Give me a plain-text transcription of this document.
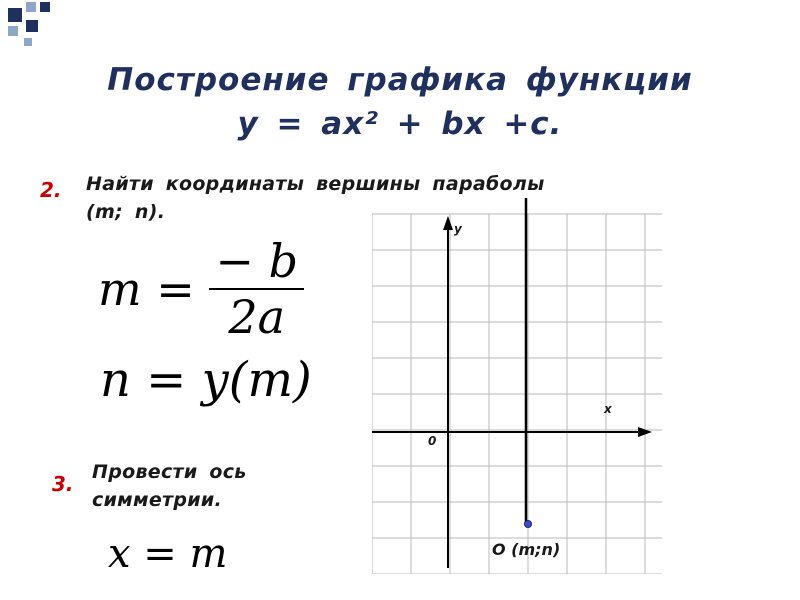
Построение графика функции
y = ax² + bx +c.
2. Найти координаты вершины параболы
(m; n).
$m = \frac{- b}{2a}$
n = y(m)
3. Провести ось
симметрии.
x = m
y
x
0
O (m;n)
